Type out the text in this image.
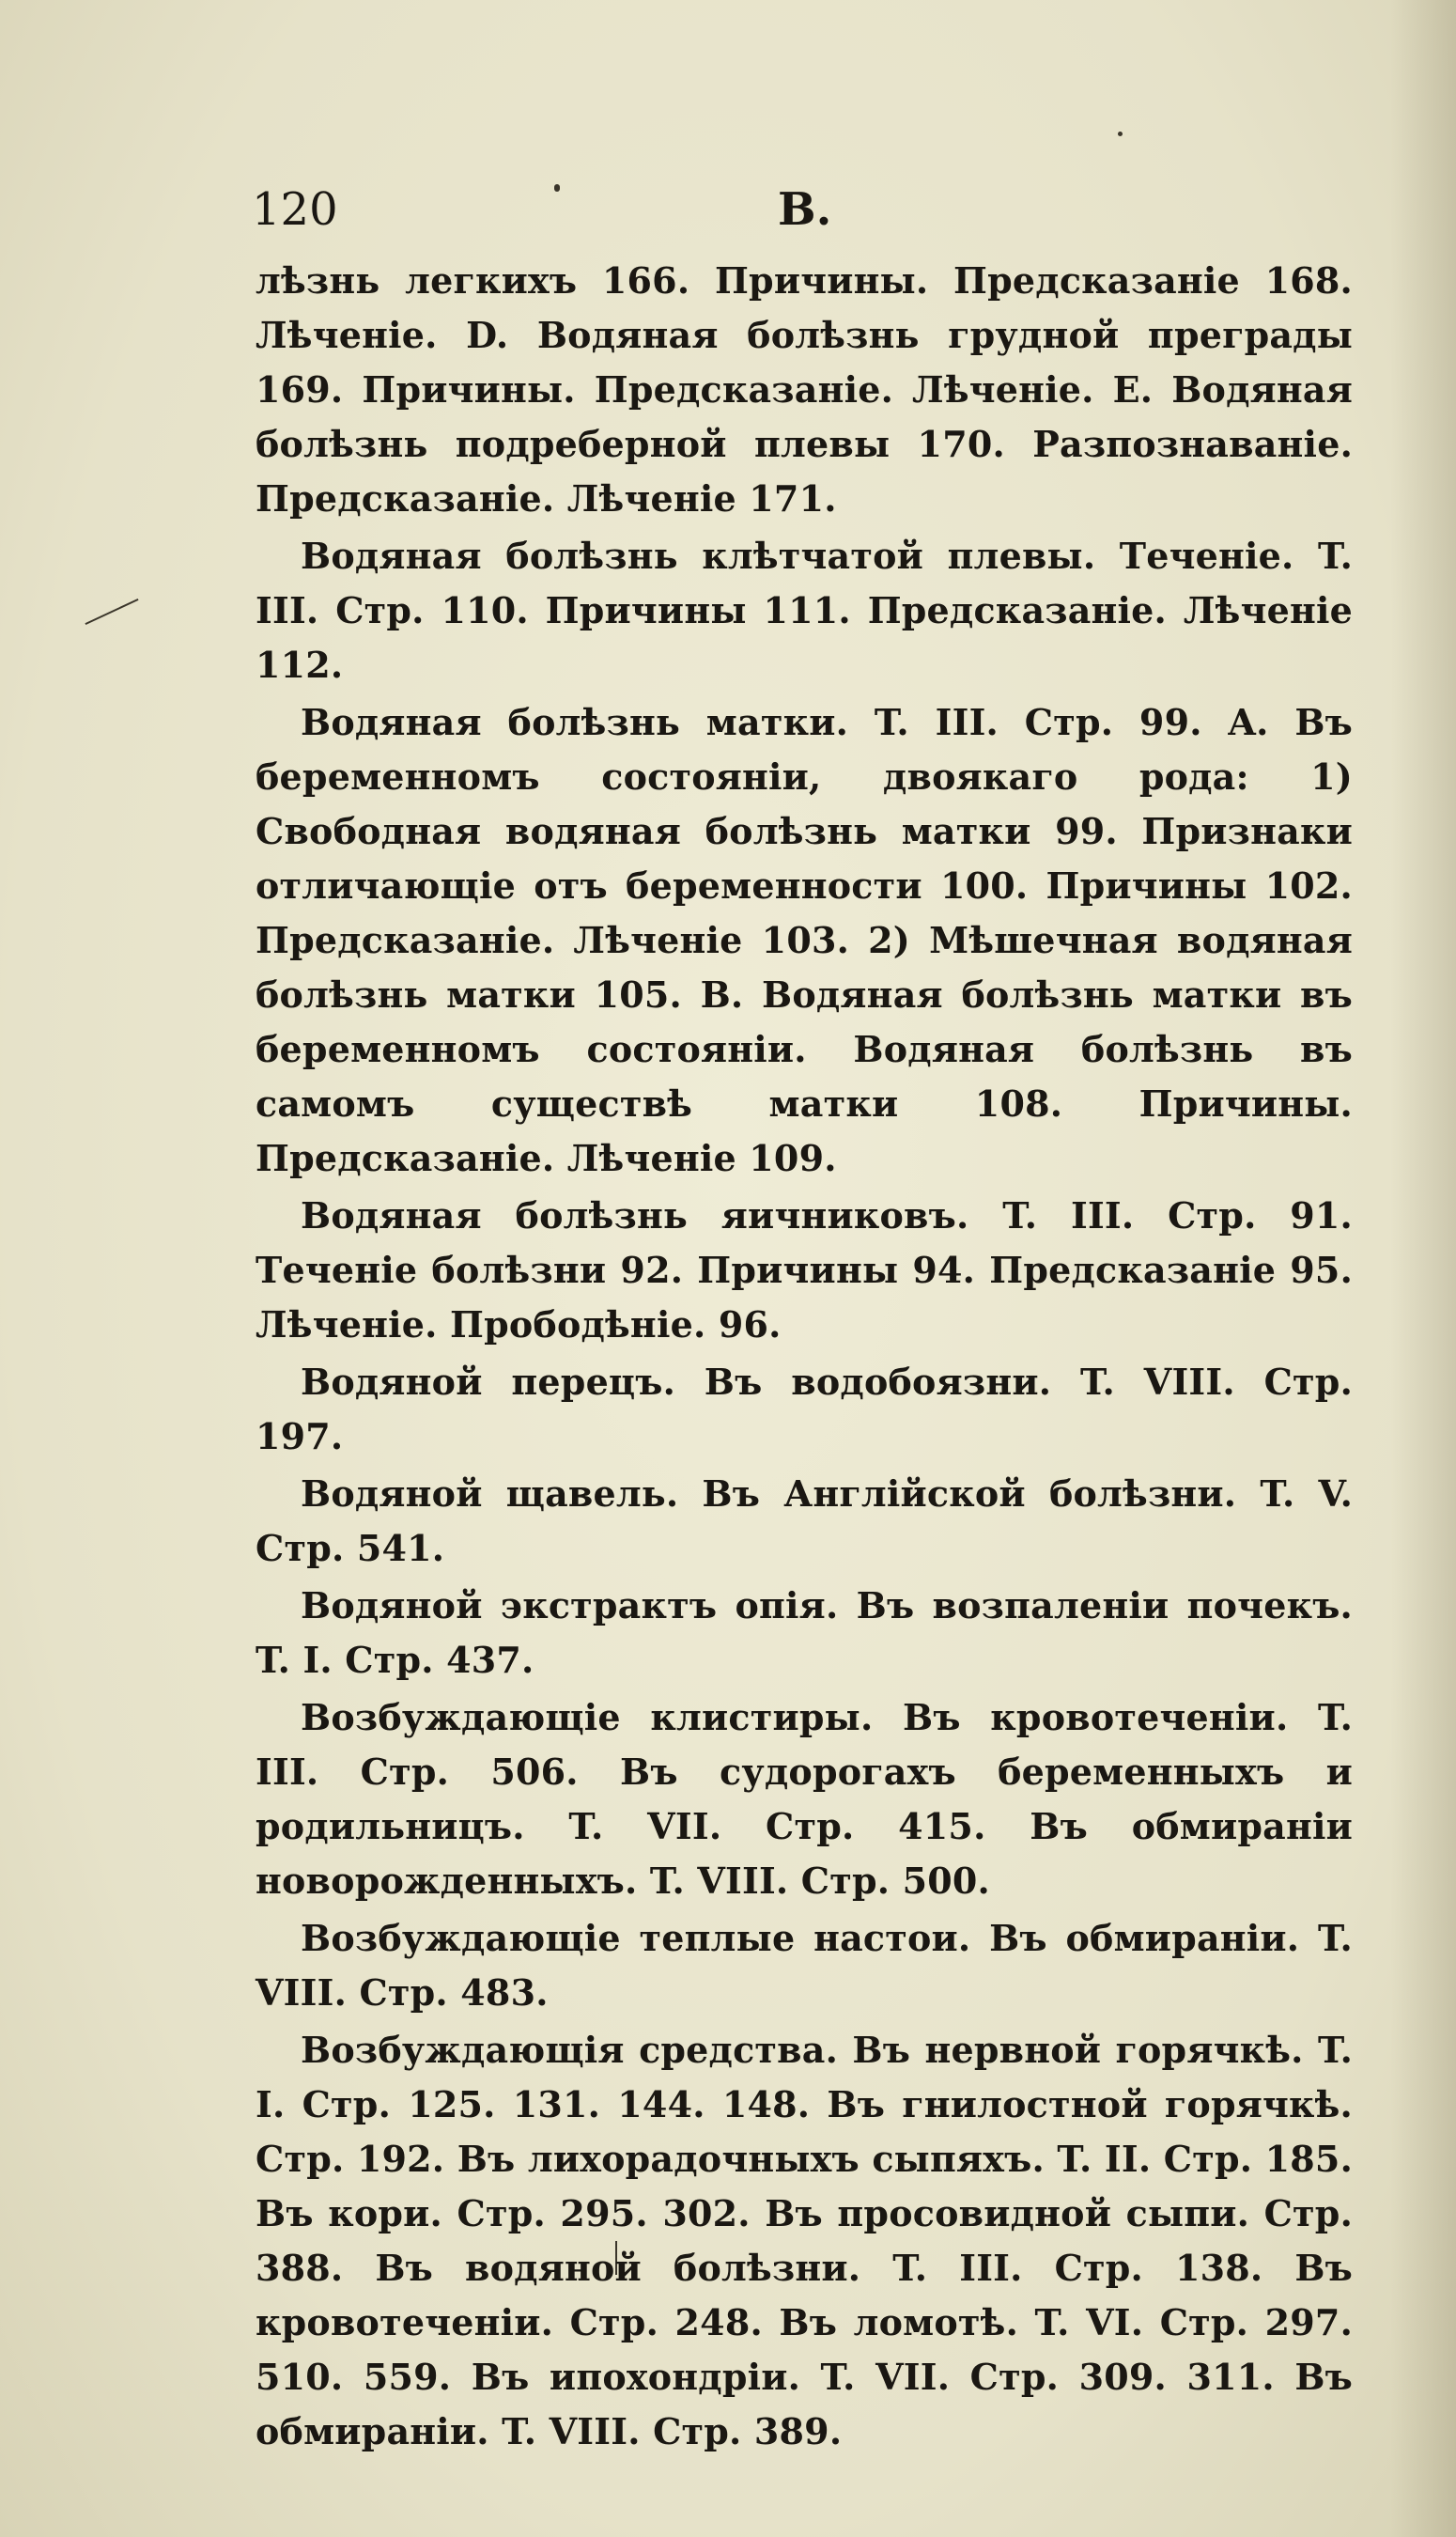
120	B.

лѣзнь легкихъ 166. Причины. Предсказаніе 168. Лѣченіе. D. Водяная болѣзнь грудной преграды 169. Причины. Предсказаніе. Лѣченіе. E. Водяная болѣзнь подреберной плевы 170. Разпознаваніе. Предсказаніе. Лѣченіе 171.

Водяная болѣзнь клѣтчатой плевы. Теченіе. T. III. Стр. 110. Причины 111. Предсказаніе. Лѣченіе 112.

Водяная болѣзнь матки. T. III. Стр. 99. A. Въ беременномъ состояніи, двоякаго рода: 1) Свободная водяная болѣзнь матки 99. Признаки отличающіе отъ беременности 100. Причины 102. Предсказаніе. Лѣченіе 103. 2) Мѣшечная водяная болѣзнь матки 105. B. Водяная болѣзнь матки въ беременномъ состояніи. Водяная болѣзнь въ самомъ существѣ матки 108. Причины. Предсказаніе. Лѣченіе 109.

Водяная болѣзнь яичниковъ. T. III. Стр. 91. Теченіе болѣзни 92. Причины 94. Предсказаніе 95. Лѣченіе. Прободѣніе. 96.

Водяной перецъ. Въ водобоязни. T. VIII. Стр. 197.

Водяной щавель. Въ Англійской болѣзни. T. V. Стр. 541.

Водяной экстрактъ опія. Въ возпаленіи почекъ. T. I. Стр. 437.

Возбуждающіе клистиры. Въ кровотеченіи. T. III. Стр. 506. Въ судорогахъ беременныхъ и родильницъ. T. VII. Стр. 415. Въ обмираніи новорожденныхъ. T. VIII. Стр. 500.

Возбуждающіе теплые настои. Въ обмираніи. T. VIII. Стр. 483.

Возбуждающія средства. Въ нервной горячкѣ. T. I. Стр. 125. 131. 144. 148. Въ гнилостной горячкѣ. Стр. 192. Въ лихорадочныхъ сыпяхъ. T. II. Стр. 185. Въ кори. Стр. 295. 302. Въ просовидной сыпи. Стр. 388. Въ водяной болѣзни. T. III. Стр. 138. Въ кровотеченіи. Стр. 248. Въ ломотѣ. T. VI. Стр. 297. 510. 559. Въ ипохондріи. T. VII. Стр. 309. 311. Въ обмираніи. T. VIII. Стр. 389.
